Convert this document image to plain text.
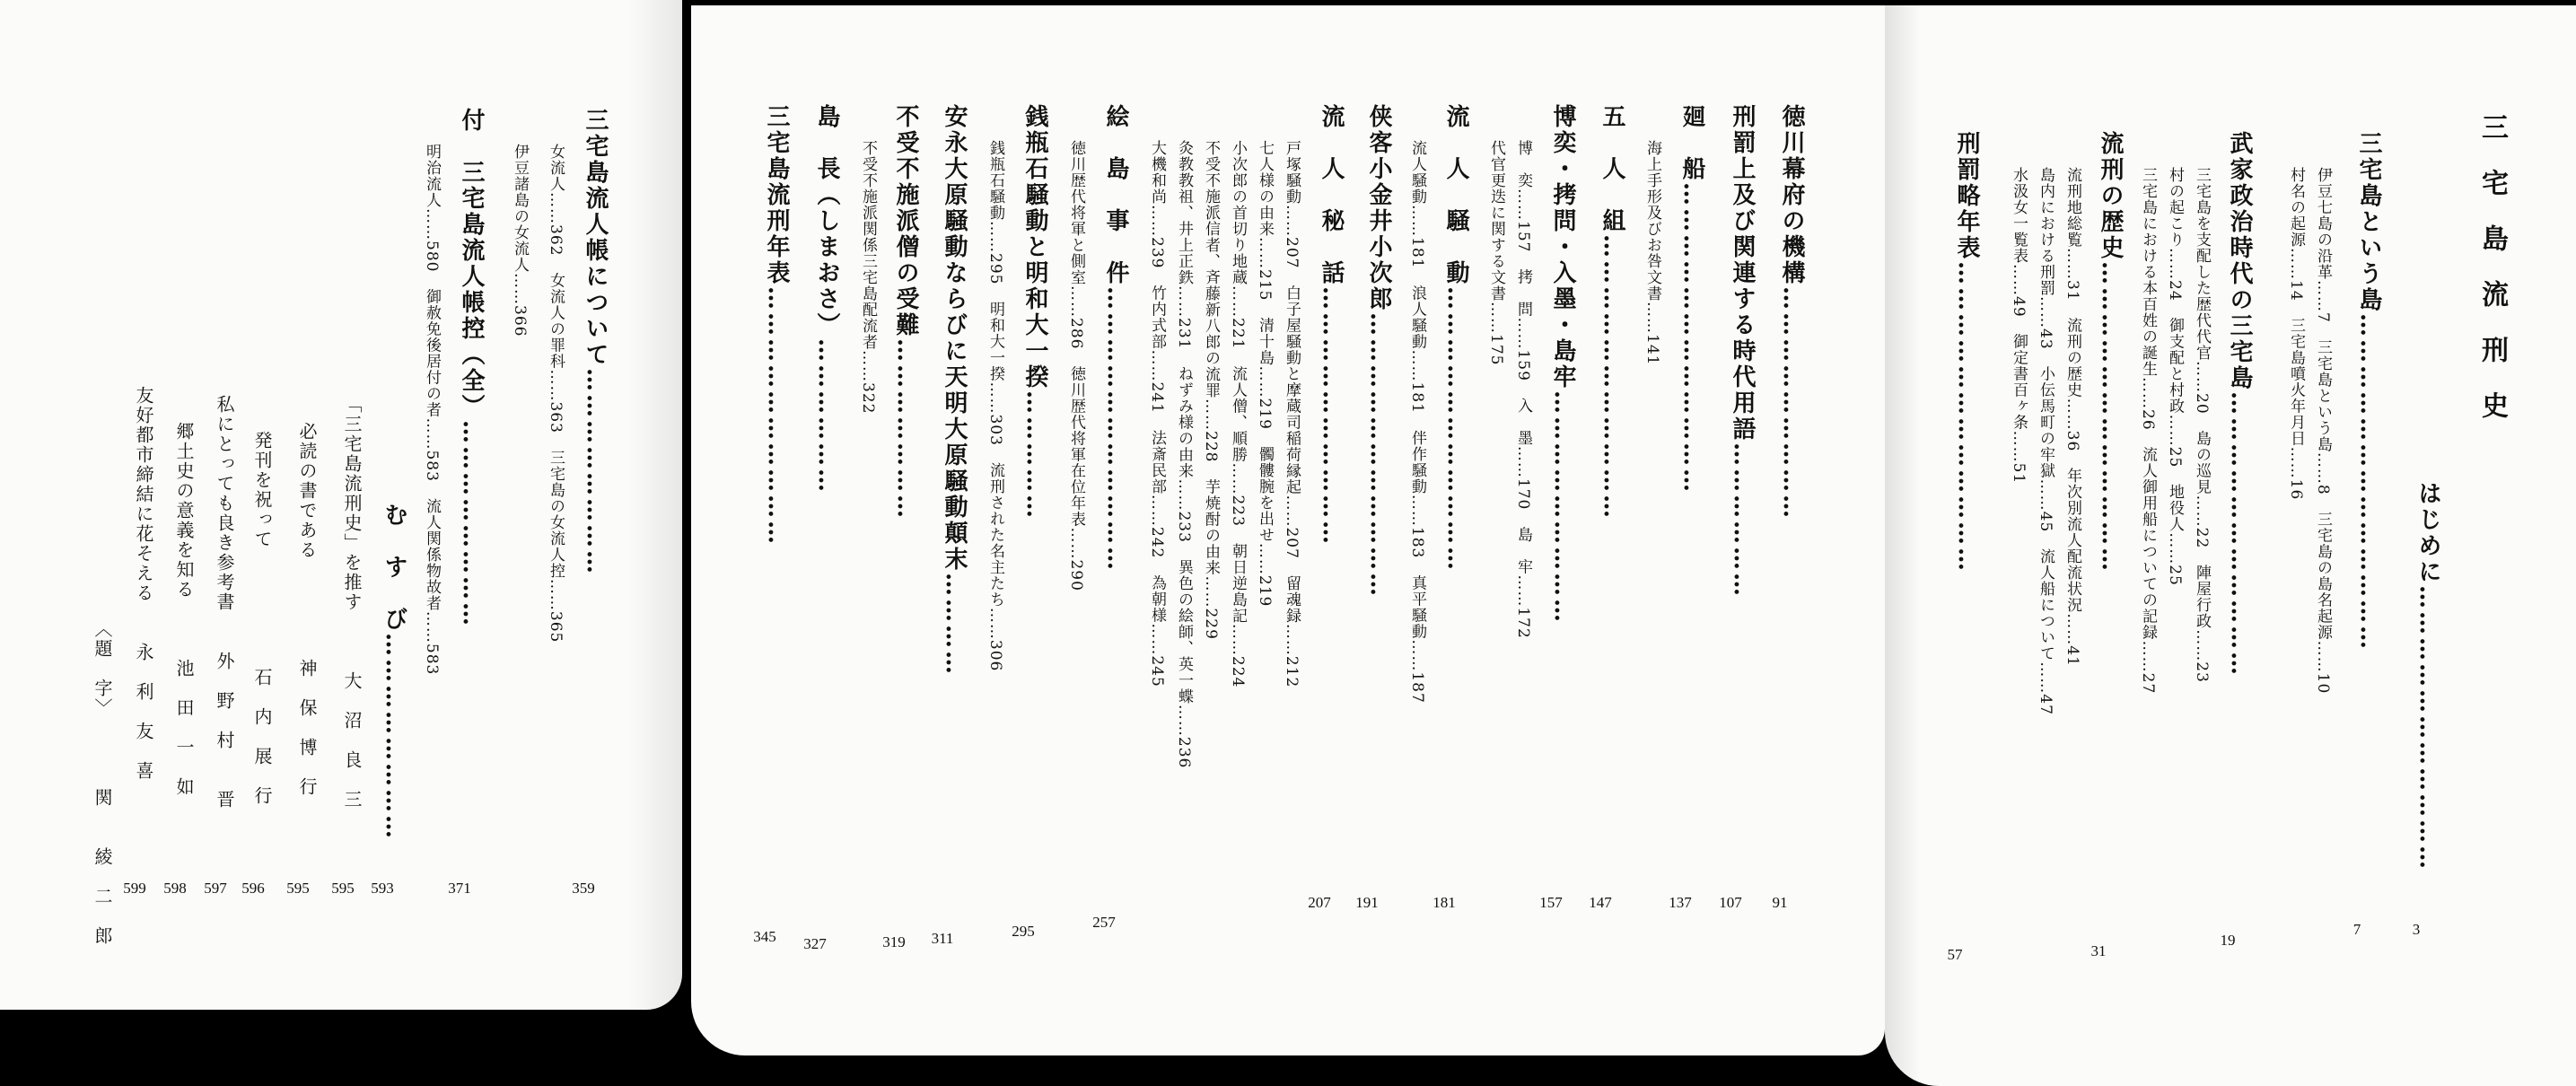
三宅島流刑史
はじめに……………………………
三宅島という島…………………………………
伊豆七島の沿革……7　三宅島という島……8　三宅島の島名起源……10
村名の起源……14　三宅島噴火年月日……16
武家政治時代の三宅島……………………………
三宅島を支配した歴代代官……20　島の巡見……22　陣屋行政……23
村の起こり……24　御支配と村政……25　地役人……25
三宅島における本百姓の誕生……26　流人御用船についての記録……27
流刑の歴史………………………………
流刑地総覧……31　流刑の歴史……36　年次別流人配流状況……41
島内における刑罰……43　小伝馬町の牢獄……45　流人船について……47
水汲女一覧表……49　御定書百ヶ条……51
刑罰略年表………………………………
3
7
19
31
57
徳川幕府の機構………………………
刑罰上及び関連する時代用語………………
廻　船………………………………
海上手形及びお咎文書……141
五　人　組……………………………
博奕・拷問・入墨・島牢………………………
博　奕……157　拷　問……159　入　墨……170　島　牢……172
代官更迭に関する文書……175
流　人　騒　動……………………………
流人騒動……181　浪人騒動……181　伴作騒動……183　真平騒動……187
侠客小金井小次郎……………………………
流　人　秘　話…………………………
戸塚騒動……207　白子屋騒動と摩蔵司稲荷縁起……207　留魂録……212
七人様の由来……215　清十島……219　髑髏腕を出せ……219
小次郎の首切り地蔵……221　流人僧、順勝……223　朝日逆島記……224
不受不施派信者、斉藤新八郎の流罪……228　芋焼酎の由来……229
灸教教祖、井上正鉄……231　ねずみ様の由来……233　異色の絵師、英一蝶……236
大機和尚……239　竹内式部……241　法斎民部……242　為朝様……245
絵　島　事　件……………………………
徳川歴代将軍と側室……286　徳川歴代将軍在位年表……290
銭瓶石騒動と明和大一揆……………
銭瓶石騒動……295　明和大一揆……303　流刑された名主たち……306
安永大原騒動ならびに天明大原騒動顛末…………
不受不施派僧の受難…………………
不受不施派関係三宅島配流者……322
島　長（しまおさ）………………
三宅島流刑年表…………………………
91
107
137
147
157
181
191
207
257
295
311
319
327
345
三宅島流人帳について……………………
女流人……362　女流人の罪科……363　三宅島の女流人控……365
伊豆諸島の女流人……366
付　三宅島流人帳控（全）……………………
明治流人……580　御赦免後居付の者……583　流人関係物故者……583
む　す　び……………………
「三宅島流刑史」を推す　　　大　沼　良　三
必読の書である　　　　　神　保　博　行
発刊を祝って　　　　　　石　内　展　行
私にとっても良き参考書　　外　野　村　　晋
郷土史の意義を知る　　　池　田　一　如
友好都市締結に花そえる　　永　利　友　喜
〈題　字〉　　　　関　　綾　二　郎	359
371
593
595
595
596
597
598
599
